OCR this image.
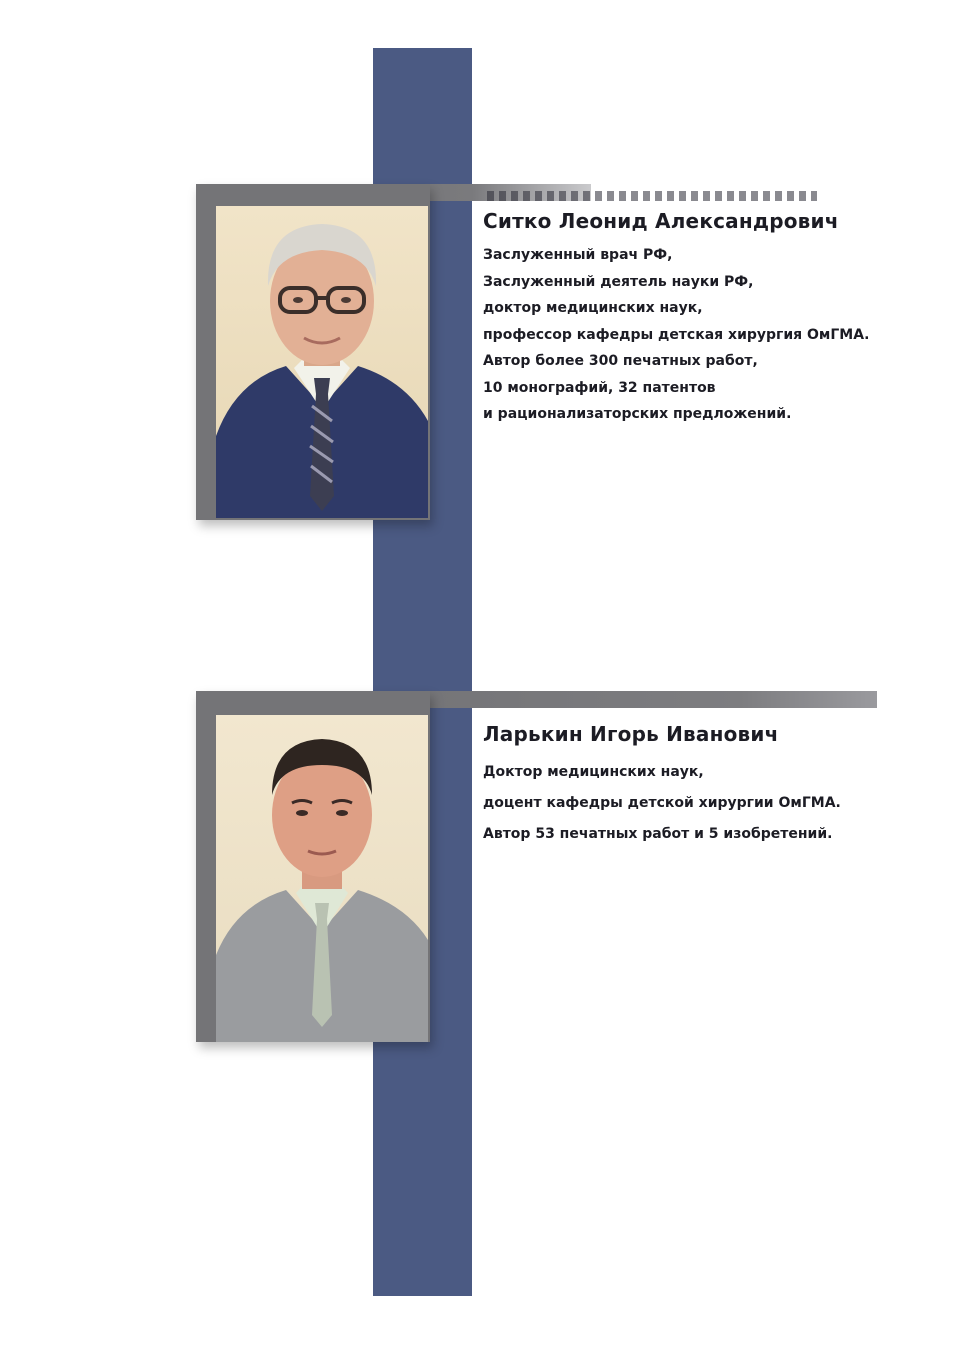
Ситко Леонид Александрович
Заслуженный врач РФ,
Заслуженный деятель науки РФ,
доктор медицинских наук,
профессор кафедры детская хирургия ОмГМА.
Автор более 300 печатных работ,
10 монографий, 32 патентов
и рационализаторских предложений.
Ларькин Игорь Иванович
Доктор медицинских наук,
доцент кафедры детской хирургии ОмГМА.
Автор 53 печатных работ и 5 изобретений.
